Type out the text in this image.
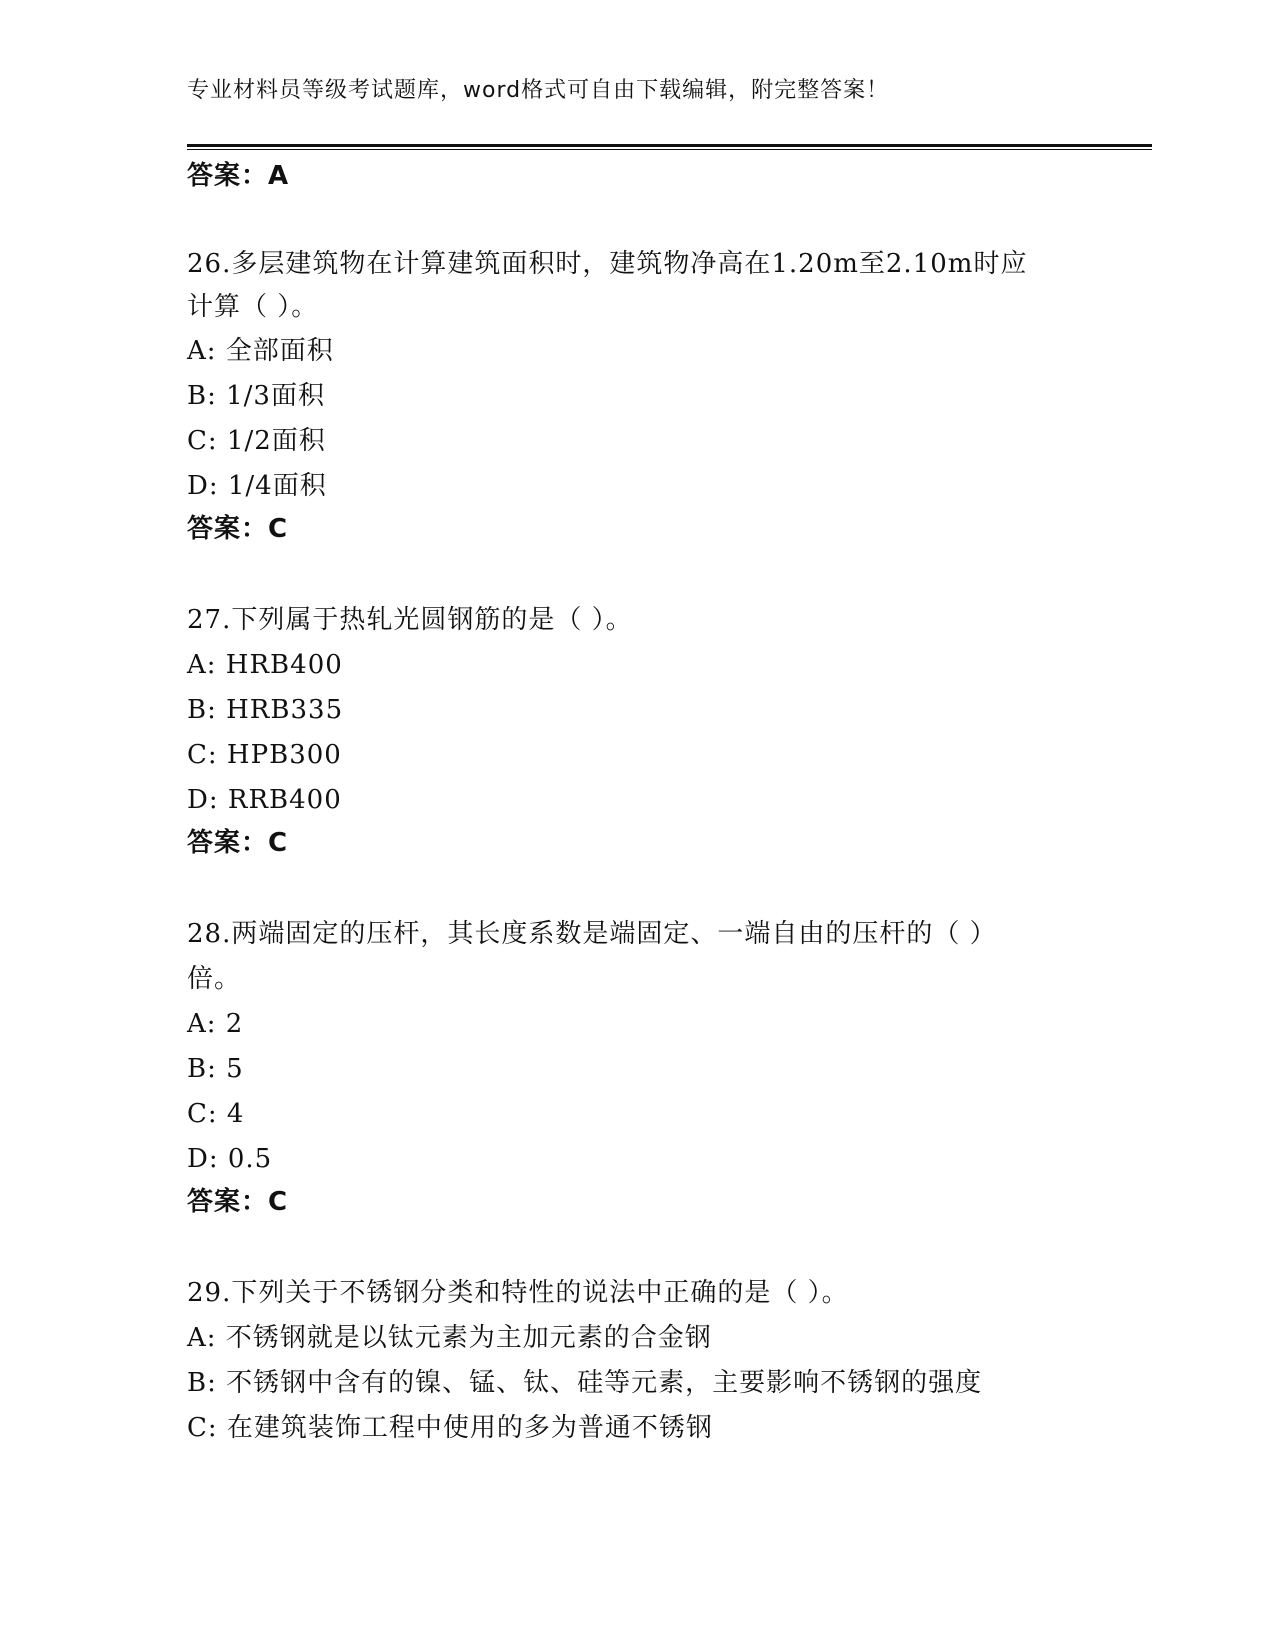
专业材料员等级考试题库，word格式可自由下载编辑，附完整答案！
答案：A
26.多层建筑物在计算建筑面积时，建筑物净高在1.20m至2.10m时应
计算（ ）。
A: 全部面积
B: 1/3面积
C: 1/2面积
D: 1/4面积
答案：C
27.下列属于热轧光圆钢筋的是（ ）。
A: HRB400
B: HRB335
C: HPB300
D: RRB400
答案：C
28.两端固定的压杆，其长度系数是端固定、一端自由的压杆的（ ）
倍。
A: 2
B: 5
C: 4
D: 0.5
答案：C
29.下列关于不锈钢分类和特性的说法中正确的是（ ）。
A: 不锈钢就是以钛元素为主加元素的合金钢
B: 不锈钢中含有的镍、锰、钛、硅等元素，主要影响不锈钢的强度
C: 在建筑装饰工程中使用的多为普通不锈钢
